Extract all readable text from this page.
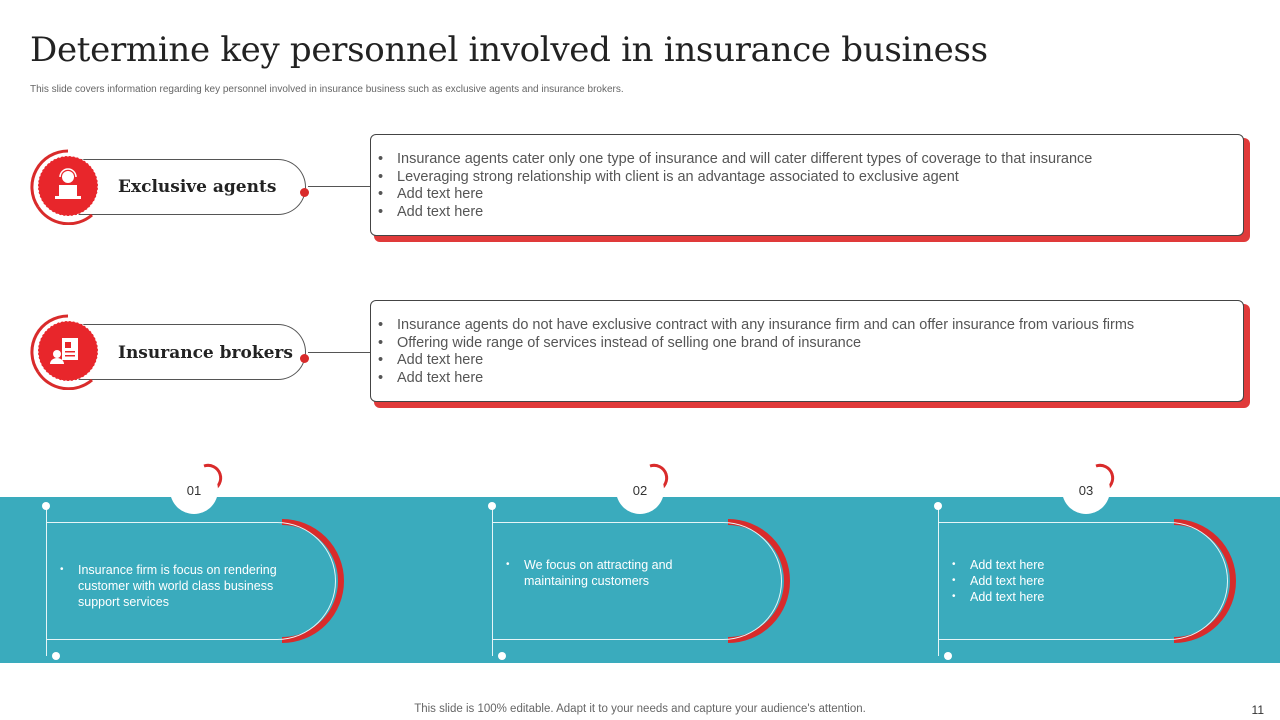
Determine key personnel involved in insurance business
This slide covers information regarding key personnel involved in insurance business such as exclusive agents and insurance brokers.
Exclusive agents
• Insurance agents cater only one type of insurance and will cater different types of coverage to that insurance
• Leveraging strong relationship with client is an advantage associated to exclusive agent
• Add text here
• Add text here
Insurance brokers
• Insurance agents do not have exclusive contract with any insurance firm and can offer insurance from various firms
• Offering wide range of services instead of selling one brand of insurance
• Add text here
• Add text here
01
• Insurance firm is focus on rendering
customer with world class business
support services
02
• We focus on attracting and
maintaining customers
03
• Add text here
• Add text here
• Add text here
This slide is 100% editable. Adapt it to your needs and capture your audience's attention.	11
